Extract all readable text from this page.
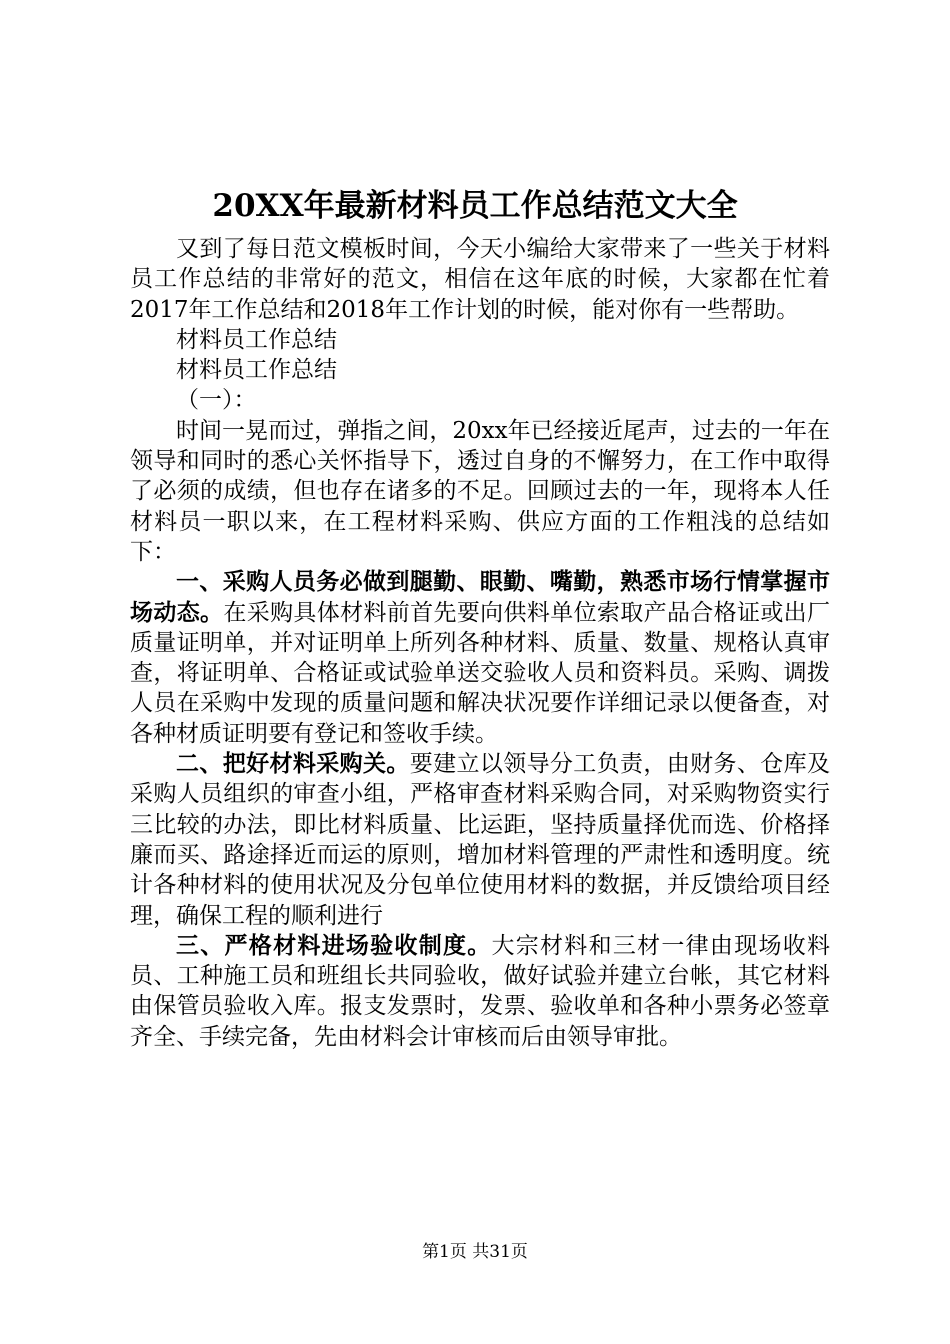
20XX年最新材料员工作总结范文大全

又到了每日范文模板时间，今天小编给大家带来了一些关于材料员工作总结的非常好的范文，相信在这年底的时候，大家都在忙着2017年工作总结和2018年工作计划的时候，能对你有一些帮助。

材料员工作总结

材料员工作总结

（一）：

时间一晃而过，弹指之间，20xx年已经接近尾声，过去的一年在领导和同时的悉心关怀指导下，透过自身的不懈努力，在工作中取得了必须的成绩，但也存在诸多的不足。回顾过去的一年，现将本人任材料员一职以来，在工程材料采购、供应方面的工作粗浅的总结如下：

一、采购人员务必做到腿勤、眼勤、嘴勤，熟悉市场行情掌握市场动态。在采购具体材料前首先要向供料单位索取产品合格证或出厂质量证明单，并对证明单上所列各种材料、质量、数量、规格认真审查，将证明单、合格证或试验单送交验收人员和资料员。采购、调拨人员在采购中发现的质量问题和解决状况要作详细记录以便备查，对各种材质证明要有登记和签收手续。

二、把好材料采购关。要建立以领导分工负责，由财务、仓库及采购人员组织的审查小组，严格审查材料采购合同，对采购物资实行三比较的办法，即比材料质量、比运距，坚持质量择优而选、价格择廉而买、路途择近而运的原则，增加材料管理的严肃性和透明度。统计各种材料的使用状况及分包单位使用材料的数据，并反馈给项目经理，确保工程的顺利进行

三、严格材料进场验收制度。大宗材料和三材一律由现场收料员、工种施工员和班组长共同验收，做好试验并建立台帐，其它材料由保管员验收入库。报支发票时，发票、验收单和各种小票务必签章齐全、手续完备，先由材料会计审核而后由领导审批。

第1页 共31页
